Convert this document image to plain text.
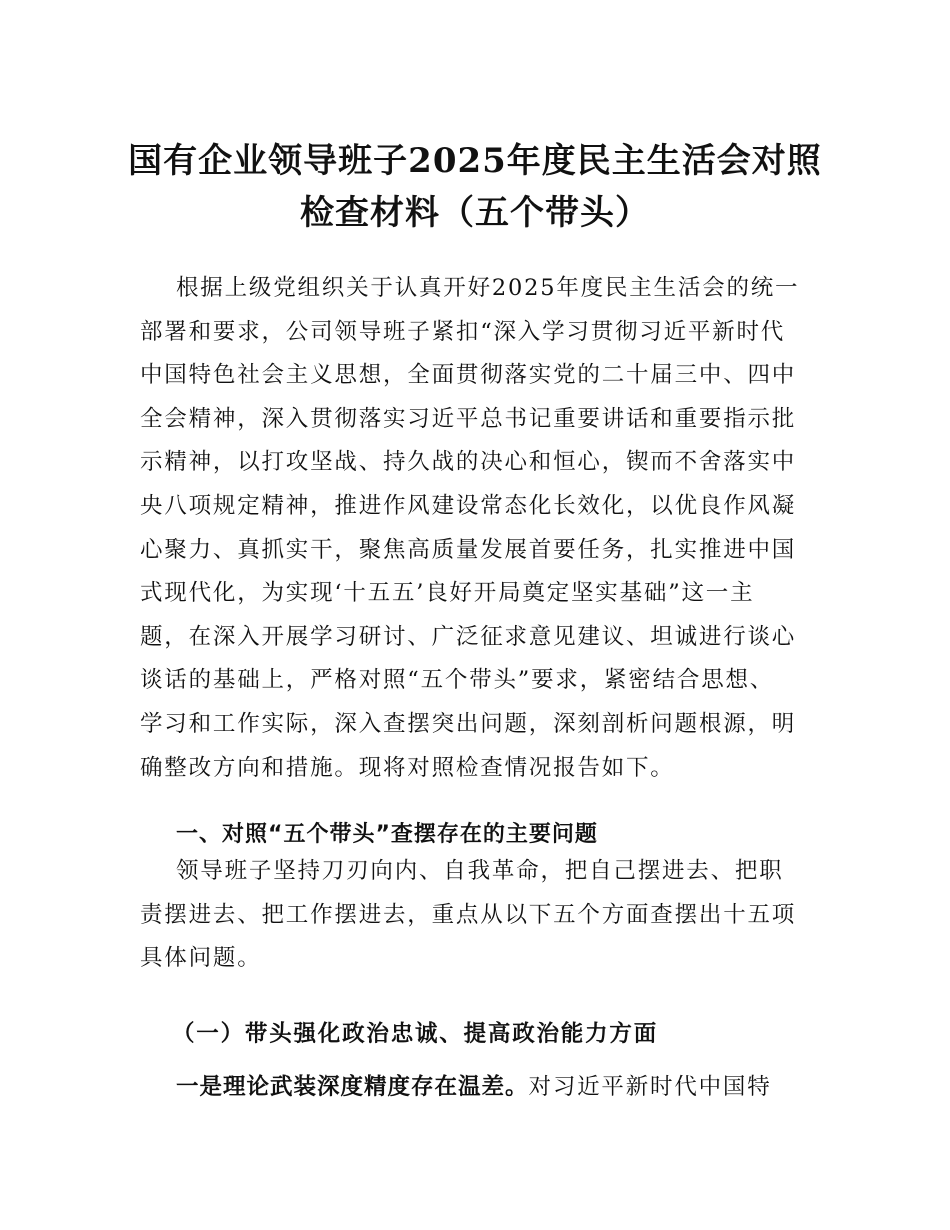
国有企业领导班子2025年度民主生活会对照
检查材料（五个带头）
根据上级党组织关于认真开好2025年度民主生活会的统一
部署和要求，公司领导班子紧扣“深入学习贯彻习近平新时代
中国特色社会主义思想，全面贯彻落实党的二十届三中、四中
全会精神，深入贯彻落实习近平总书记重要讲话和重要指示批
示精神，以打攻坚战、持久战的决心和恒心，锲而不舍落实中
央八项规定精神，推进作风建设常态化长效化，以优良作风凝
心聚力、真抓实干，聚焦高质量发展首要任务，扎实推进中国
式现代化，为实现‘十五五’良好开局奠定坚实基础”这一主
题，在深入开展学习研讨、广泛征求意见建议、坦诚进行谈心
谈话的基础上，严格对照“五个带头”要求，紧密结合思想、
学习和工作实际，深入查摆突出问题，深刻剖析问题根源，明
确整改方向和措施。现将对照检查情况报告如下。
一、对照“五个带头”查摆存在的主要问题
领导班子坚持刀刃向内、自我革命，把自己摆进去、把职
责摆进去、把工作摆进去，重点从以下五个方面查摆出十五项
具体问题。
（一）带头强化政治忠诚、提高政治能力方面

一是理论武装深度精度存在温差。对习近平新时代中国特
